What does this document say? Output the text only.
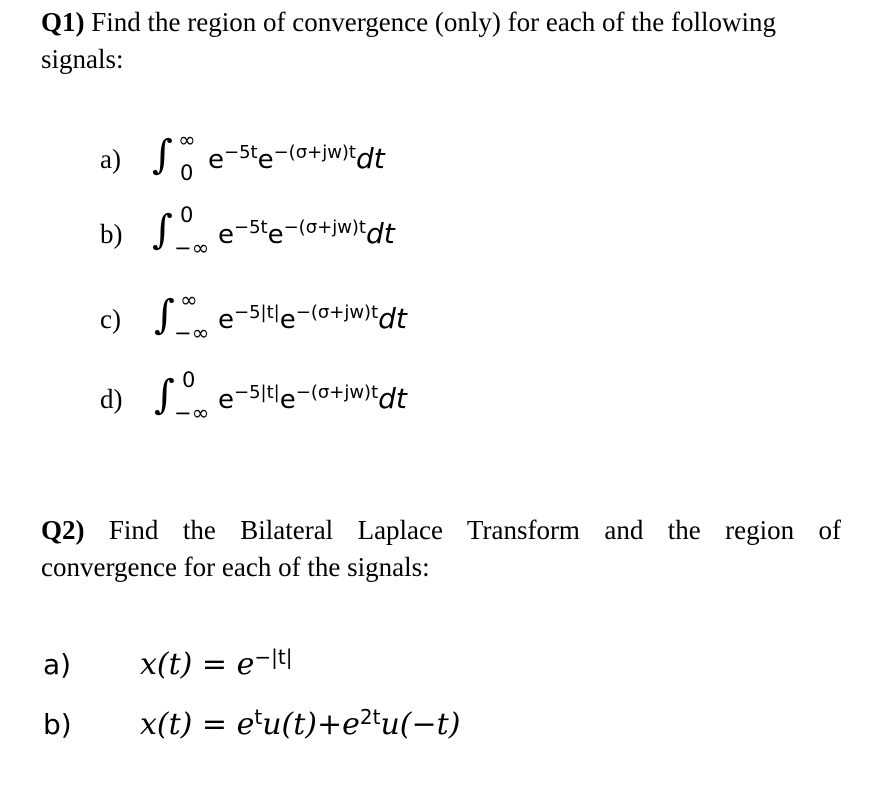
Q1) Find the region of convergence (only) for each of the following signals:
a) ∫ ∞
0 $e^{-5t}e^{-(\sigma+jw)t}dt$
b) ∫ 0
−∞ $e^{-5t}e^{-(\sigma+jw)t}dt$
c) ∫ ∞
−∞ $e^{-5|t|}e^{-(\sigma+jw)t}dt$
d) ∫ 0
−∞ $e^{-5|t|}e^{-(\sigma+jw)t}dt$
Q2) Find the Bilateral Laplace Transform and the region of
convergence for each of the signals:
a) $x(t) = e^{-|t|}$
b) $x(t) = e^tu(t)+e^{2t}u(-t)$
